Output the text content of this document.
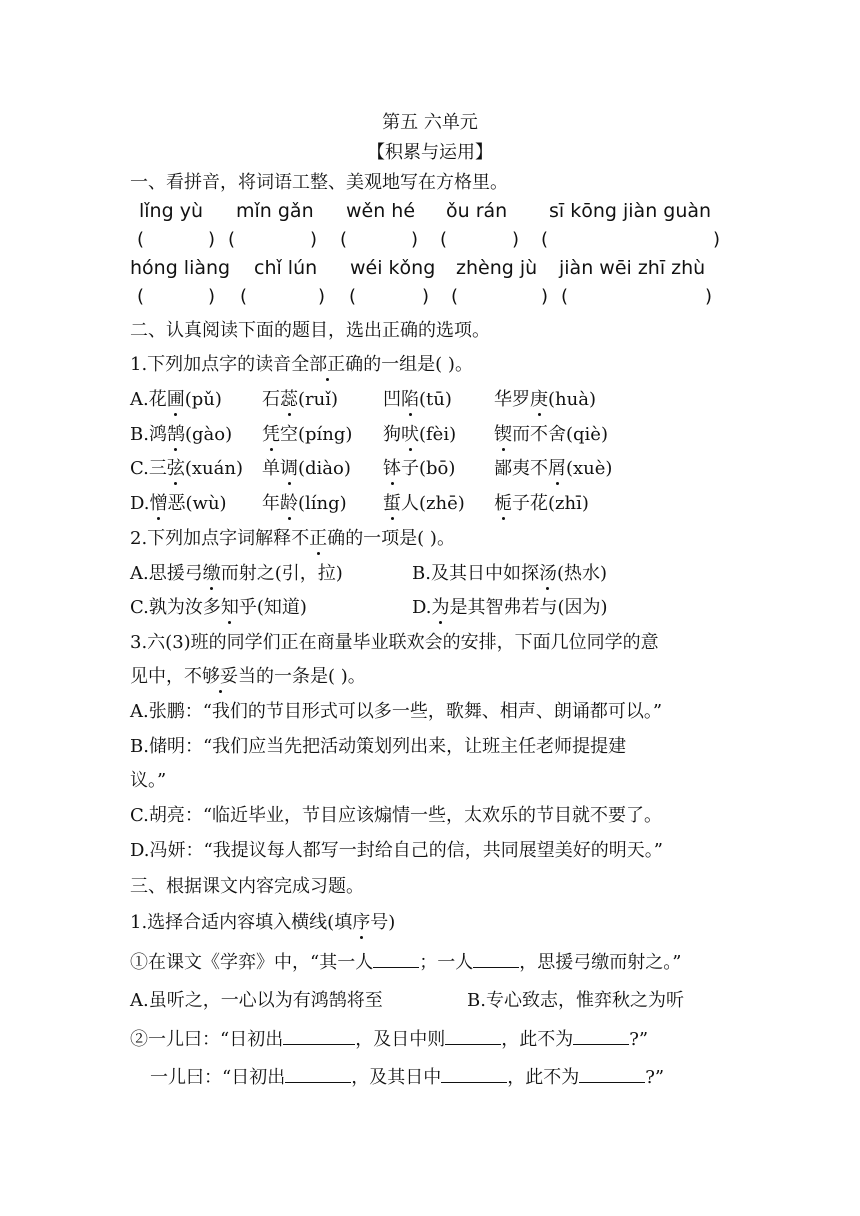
第五 六单元
【积累与运用】
一、看拼音，将词语工整、美观地写在方格里。
lǐng yù mǐn gǎn wěn hé ǒu rán sī kōng jiàn guàn
(	) (	) (	) (	) (	)
hóng liàng chǐ lún wéi kǒng zhèng jù jiàn wēi zhī zhù
(	) (	) (	) (	) (	)
二、认真阅读下面的题目，选出正确的选项。
1.下列加点字的读音全部正确的一组是( )。
A.花圃(pǔ) 石蕊(ruǐ)	凹陷(tū) 华罗庚(huà)
B.鸿鹄(gào) 凭空(píng) 狗吠(fèi) 锲而不舍(qiè)
C.三弦(xuán) 单调(diào) 钵子(bō) 鄙夷不屑(xuè)
D.憎恶(wù) 年龄(líng) 蜇人(zhē) 栀子花(zhī)
2.下列加点字词解释不正确的一项是( )。
A.思援弓缴而射之(引，拉)	B.及其日中如探汤(热水)
C.孰为汝多知乎(知道)	D.为是其智弗若与(因为)
3.六(3)班的同学们正在商量毕业联欢会的安排，下面几位同学的意
见中，不够妥当的一条是( )。
A.张鹏：“我们的节目形式可以多一些，歌舞、相声、朗诵都可以。”
B.储明：“我们应当先把活动策划列出来，让班主任老师提提建
议。”
C.胡亮：“临近毕业，节目应该煽情一些，太欢乐的节目就不要了。
D.冯妍：“我提议每人都写一封给自己的信，共同展望美好的明天。”
三、根据课文内容完成习题。
1.选择合适内容填入横线(填序号)
①在课文《学弈》中，“其一人	；一人	，思援弓缴而射之。”
A.虽听之，一心以为有鸿鹄将至	B.专心致志，惟弈秋之为听
②一儿曰：“日初出	，及日中则	，此不为	?”
一儿曰：“日初出	，及其日中	，此不为	?”
